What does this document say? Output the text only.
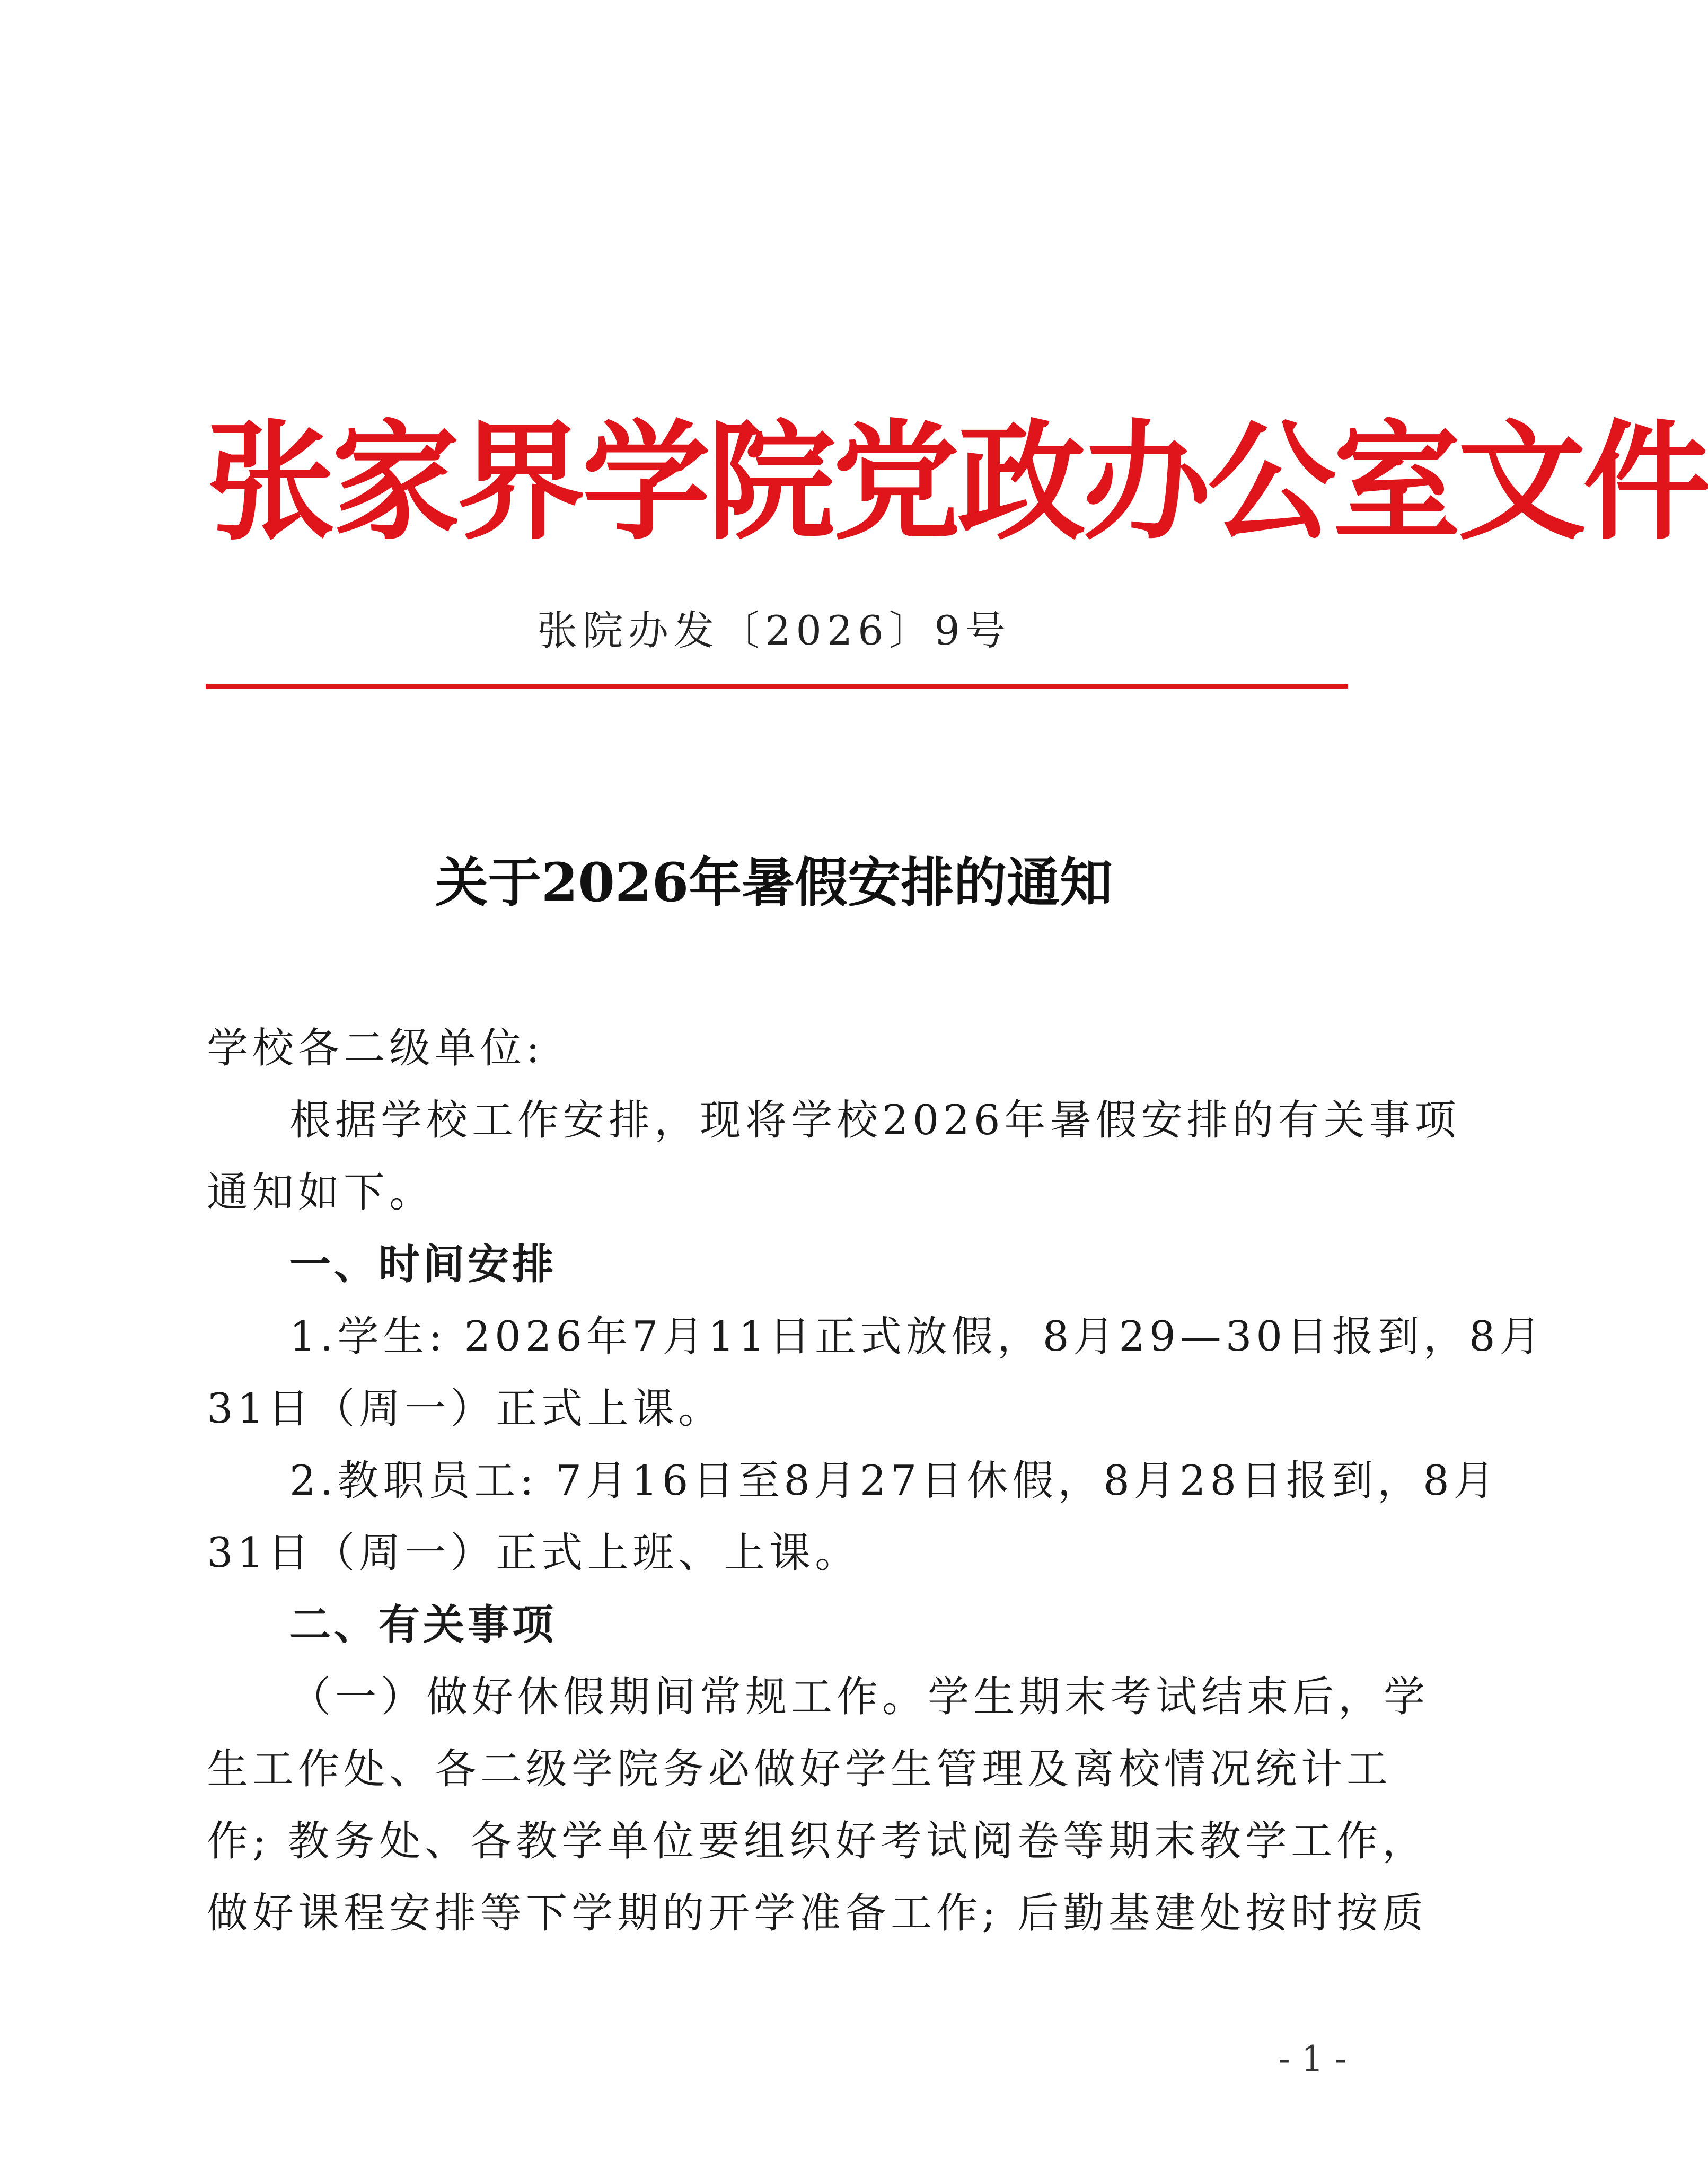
张家界学院党政办公室文件
张院办发〔2026〕9号
关于2026年暑假安排的通知
学校各二级单位:
根据学校工作安排，现将学校2026年暑假安排的有关事项
通知如下。
一、时间安排
1.学生: 2026年7月11日正式放假，8月29—30日报到，8月
31日（周一）正式上课。
2.教职员工: 7月16日至8月27日休假，8月28日报到，8月
31日（周一）正式上班、上课。
二、有关事项
（一）做好休假期间常规工作。学生期末考试结束后，学
生工作处、各二级学院务必做好学生管理及离校情况统计工
作; 教务处、各教学单位要组织好考试阅卷等期末教学工作，
做好课程安排等下学期的开学准备工作; 后勤基建处按时按质
- 1 -
